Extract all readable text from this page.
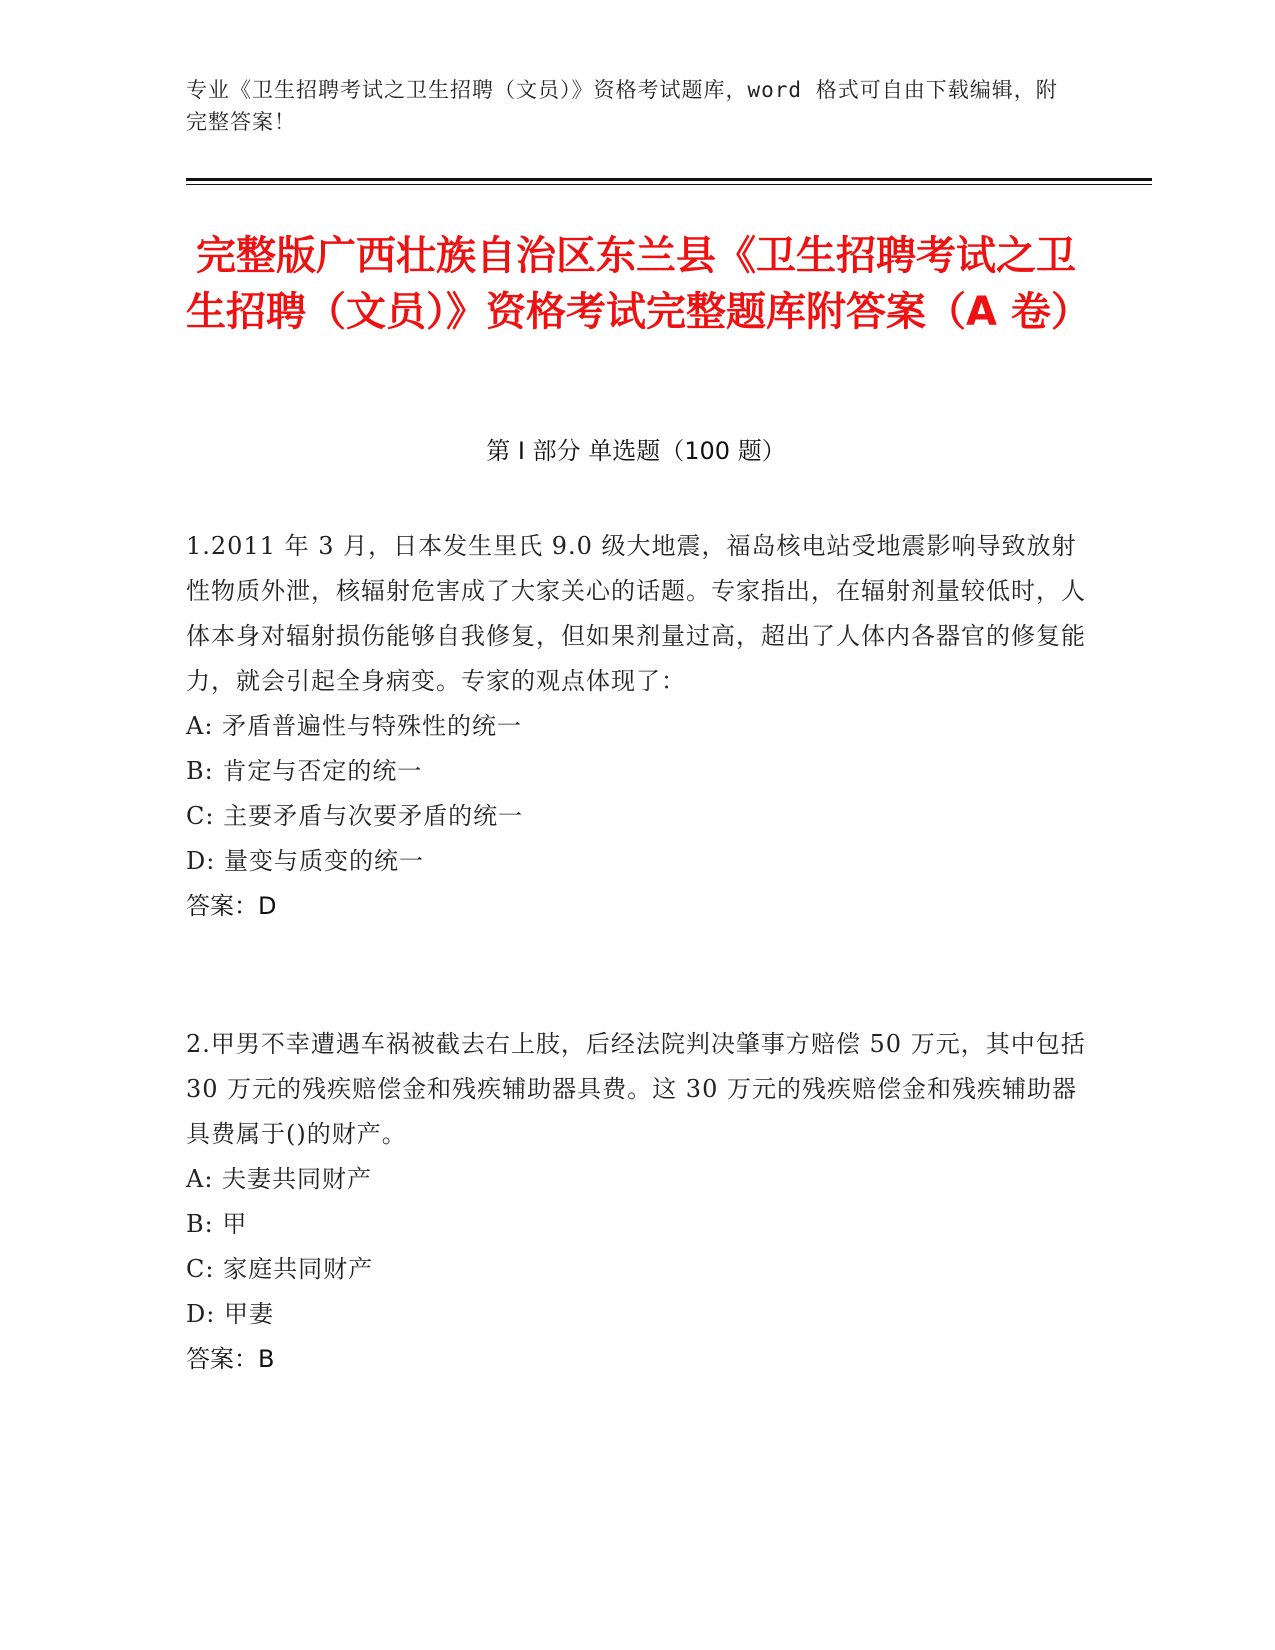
专业《卫生招聘考试之卫生招聘（文员）》资格考试题库，word 格式可自由下载编辑，附完整答案！
完整版广西壮族自治区东兰县《卫生招聘考试之卫生招聘（文员）》资格考试完整题库附答案（A 卷）
第 I 部分 单选题（100 题）
1.2011 年 3 月，日本发生里氏 9.0 级大地震，福岛核电站受地震影响导致放射性物质外泄，核辐射危害成了大家关心的话题。专家指出，在辐射剂量较低时，人体本身对辐射损伤能够自我修复，但如果剂量过高，超出了人体内各器官的修复能力，就会引起全身病变。专家的观点体现了：
A: 矛盾普遍性与特殊性的统一
B: 肯定与否定的统一
C: 主要矛盾与次要矛盾的统一
D: 量变与质变的统一
答案：D
2.甲男不幸遭遇车祸被截去右上肢，后经法院判决肇事方赔偿 50 万元，其中包括 30 万元的残疾赔偿金和残疾辅助器具费。这 30 万元的残疾赔偿金和残疾辅助器具费属于()的财产。
A: 夫妻共同财产
B: 甲
C: 家庭共同财产
D: 甲妻
答案：B
